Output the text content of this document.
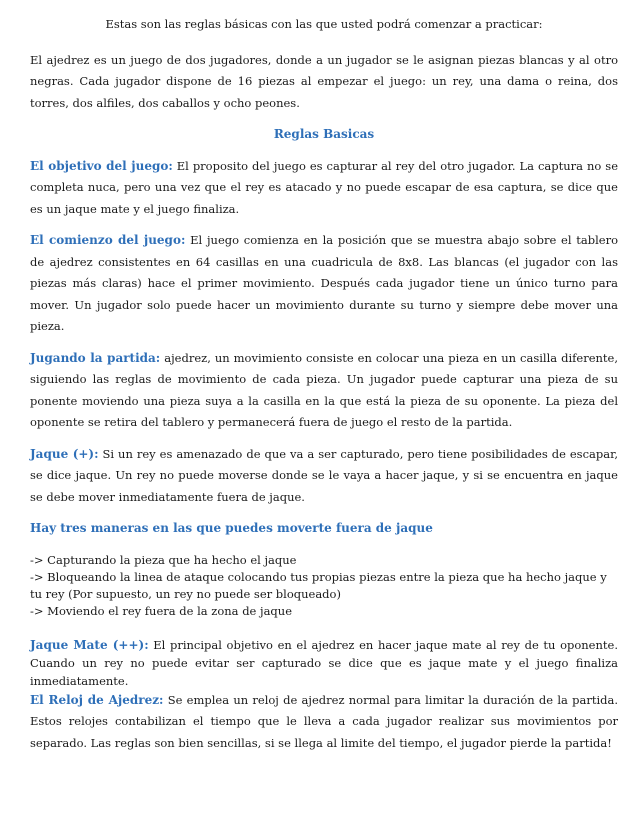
Estas son las reglas básicas con las que usted podrá comenzar a practicar:

El ajedrez es un juego de dos jugadores, donde a un jugador se le asignan piezas blancas y al otro negras. Cada jugador dispone de 16 piezas al empezar el juego: un rey, una dama o reina, dos torres, dos alfiles, dos caballos y ocho peones.

Reglas Basicas

El objetivo del juego: El proposito del juego es capturar al rey del otro jugador. La captura no se completa nuca, pero una vez que el rey es atacado y no puede escapar de esa captura, se dice que es un jaque mate y el juego finaliza.

El comienzo del juego: El juego comienza en la posición que se muestra abajo sobre el tablero de ajedrez consistentes en 64 casillas en una cuadricula de 8x8. Las blancas (el jugador con las piezas más claras) hace el primer movimiento. Después cada jugador tiene un único turno para mover. Un jugador solo puede hacer un movimiento durante su turno y siempre debe mover una pieza.

Jugando la partida: ajedrez, un movimiento consiste en colocar una pieza en un casilla diferente, siguiendo las reglas de movimiento de cada pieza. Un jugador puede capturar una pieza de su ponente moviendo una pieza suya a la casilla en la que está la pieza de su oponente. La pieza del oponente se retira del tablero y permanecerá fuera de juego el resto de la partida.

Jaque (+): Si un rey es amenazado de que va a ser capturado, pero tiene posibilidades de escapar, se dice jaque. Un rey no puede moverse donde se le vaya a hacer jaque, y si se encuentra en jaque se debe mover inmediatamente fuera de jaque.

Hay tres maneras en las que puedes moverte fuera de jaque

-> Capturando la pieza que ha hecho el jaque
-> Bloqueando la linea de ataque colocando tus propias piezas entre la pieza que ha hecho jaque y tu rey (Por supuesto, un rey no puede ser bloqueado)
-> Moviendo el rey fuera de la zona de jaque

Jaque Mate (++): El principal objetivo en el ajedrez en hacer jaque mate al rey de tu oponente. Cuando un rey no puede evitar ser capturado se dice que es jaque mate y el juego finaliza inmediatamente.

El Reloj de Ajedrez: Se emplea un reloj de ajedrez normal para limitar la duración de la partida. Estos relojes contabilizan el tiempo que le lleva a cada jugador realizar sus movimientos por separado. Las reglas son bien sencillas, si se llega al limite del tiempo, el jugador pierde la partida!
